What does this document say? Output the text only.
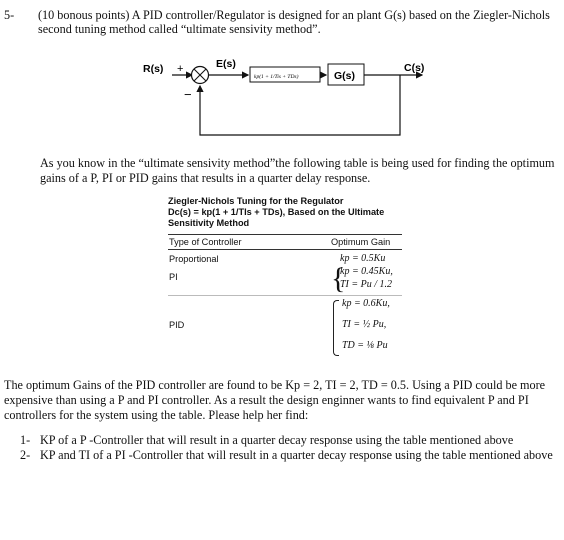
5- (10 bonous points) A PID controller/Regulator is designed for an plant G(s) based on the Ziegler-Nichols
second tuning method called “ultimate sensivity method”.
R(s) +
−
E(s)
kp(1 + 1/Tis + TDs)	G(s)
C(s)
As you know in the “ultimate sensivity method”the following table is being used for finding the optimum
gains of a P, PI or PID gains that results in a quarter delay response.
Ziegler-Nichols Tuning for the Regulator
Dc(s) = kp(1 + 1/TIs + TDs), Based on the Ultimate
Sensitivity Method
Type of Controller	Optimum Gain
Proportional	kp = 0.5Ku
PI	{
kp = 0.45Ku,
TI = Pu / 1.2
PID
kp = 0.6Ku,
TI = ½ Pu,
TD = ⅛ Pu
The optimum Gains of the PID controller are found to be Kp = 2, TI = 2, TD = 0.5. Using a PID could be more
expensive than using a P and PI controller. As a result the design enginner wants to find equivalent P and PI
controllers for the system using the table. Please help her find:
1- KP of a P -Controller that will result in a quarter decay response using the table mentioned above
2- KP and TI of a PI -Controller that will result in a quarter decay response using the table mentioned above
